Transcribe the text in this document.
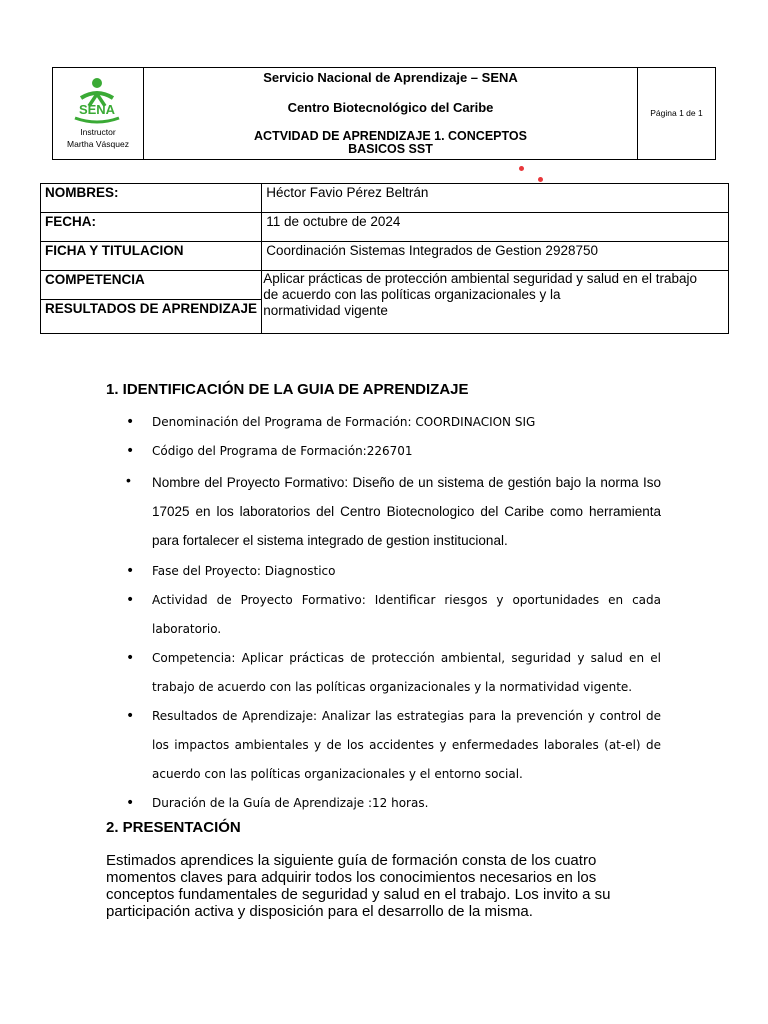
SENA
Instructor
Martha Vásquez
Servicio Nacional de Aprendizaje – SENA
Centro Biotecnológico del Caribe
ACTVIDAD DE APRENDIZAJE 1. CONCEPTOS
BASICOS SST
Página 1 de 1
NOMBRES:	Héctor Favio Pérez Beltrán
FECHA:	11 de octubre de 2024
FICHA Y TITULACION	Coordinación Sistemas Integrados de Gestion 2928750
COMPETENCIA	Aplicar prácticas de protección ambiental seguridad y salud en el trabajo
de acuerdo con las políticas organizacionales y la
normatividad vigente

RESULTADOS DE APRENDIZAJE	
1. IDENTIFICACIÓN DE LA GUIA DE APRENDIZAJE
• Denominación del Programa de Formación: COORDINACION SIG
• Código del Programa de Formación:226701
• Nombre del Proyecto Formativo: Diseño de un sistema de gestión bajo la norma Iso 17025 en los laboratorios del Centro Biotecnologico del Caribe como herramienta para fortalecer el sistema integrado de gestion institucional.
• Fase del Proyecto: Diagnostico
• Actividad de Proyecto Formativo: Identificar riesgos y oportunidades en cada laboratorio.
• Competencia: Aplicar prácticas de protección ambiental, seguridad y salud en el trabajo de acuerdo con las políticas organizacionales y la normatividad vigente.
• Resultados de Aprendizaje: Analizar las estrategias para la prevención y control de los impactos ambientales y de los accidentes y enfermedades laborales (at-el) de acuerdo con las políticas organizacionales y el entorno social.
• Duración de la Guía de Aprendizaje :12 horas.
2. PRESENTACIÓN
Estimados aprendices la siguiente guía de formación consta de los cuatro momentos claves para adquirir todos los conocimientos necesarios en los conceptos fundamentales de seguridad y salud en el trabajo. Los invito a su participación activa y disposición para el desarrollo de la misma.
